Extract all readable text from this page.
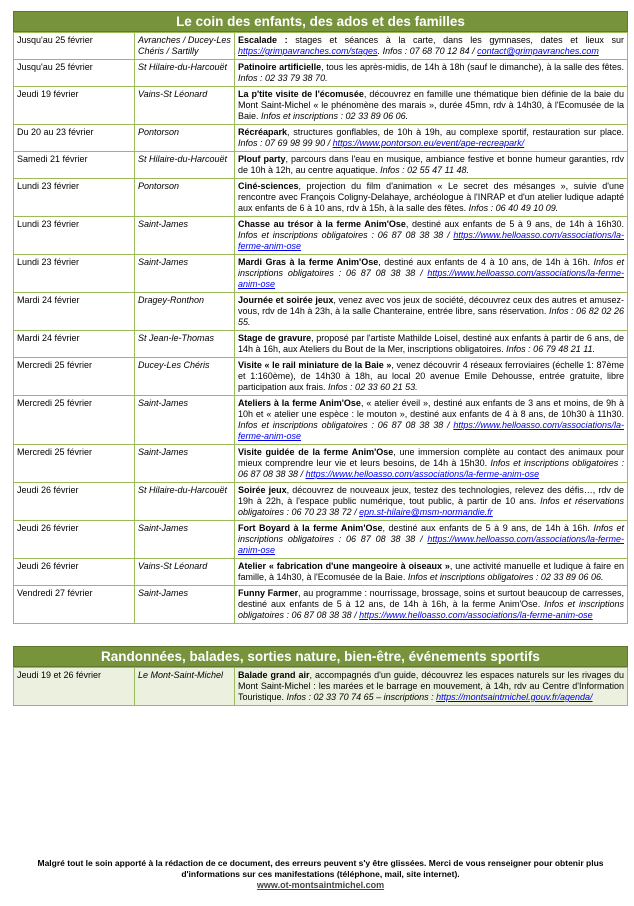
Le coin des enfants, des ados et des familles
Jusqu'au 25 février	Avranches / Ducey-Les Chéris / Sartilly	Escalade : stages et séances à la carte, dans les gymnases, dates et lieux sur https://grimpavranches.com/stages. Infos : 07 68 70 12 84 / contact@grimpavranches.com
Jusqu'au 25 février	St Hilaire-du-Harcouët	Patinoire artificielle, tous les après-midis, de 14h à 18h (sauf le dimanche), à la salle des fêtes. Infos : 02 33 79 38 70.
Jeudi 19 février	Vains-St Léonard	La p'tite visite de l'écomusée, découvrez en famille une thématique bien définie de la baie du Mont Saint-Michel « le phénomène des marais », durée 45mn, rdv à 14h30, à l'Ecomusée de la Baie. Infos et inscriptions : 02 33 89 06 06.
Du 20 au 23 février	Pontorson	Récréapark, structures gonflables, de 10h à 19h, au complexe sportif, restauration sur place. Infos : 07 69 98 99 90 / https://www.pontorson.eu/event/ape-recreapark/
Samedi 21 février	St Hilaire-du-Harcouët	Plouf party, parcours dans l'eau en musique, ambiance festive et bonne humeur garanties, rdv de 10h à 12h, au centre aquatique. Infos : 02 55 47 11 48.
Lundi 23 février	Pontorson	Ciné-sciences, projection du film d'animation « Le secret des mésanges », suivie d'une rencontre avec François Coligny-Delahaye, archéologue à l'INRAP et d'un atelier ludique adapté aux enfants de 6 à 10 ans, rdv à 15h, à la salle des fêtes. Infos : 06 40 49 10 09.
Lundi 23 février	Saint-James	Chasse au trésor à la ferme Anim'Ose, destiné aux enfants de 5 à 9 ans, de 14h à 16h30. Infos et inscriptions obligatoires : 06 87 08 38 38 / https://www.helloasso.com/associations/la-ferme-anim-ose
Lundi 23 février	Saint-James	Mardi Gras à la ferme Anim'Ose, destiné aux enfants de 4 à 10 ans, de 14h à 16h. Infos et inscriptions obligatoires : 06 87 08 38 38 / https://www.helloasso.com/associations/la-ferme-anim-ose
Mardi 24 février	Dragey-Ronthon	Journée et soirée jeux, venez avec vos jeux de société, découvrez ceux des autres et amusez-vous, rdv de 14h à 23h, à la salle Chanteraine, entrée libre, sans réservation. Infos : 06 82 02 26 55.
Mardi 24 février	St Jean-le-Thomas	Stage de gravure, proposé par l'artiste Mathilde Loisel, destiné aux enfants à partir de 6 ans, de 14h à 16h, aux Ateliers du Bout de la Mer, inscriptions obligatoires. Infos : 06 79 48 21 11.
Mercredi 25 février	Ducey-Les Chéris	Visite « le rail miniature de la Baie », venez découvrir 4 réseaux ferroviaires (échelle 1: 87ème et 1:160ème), de 14h30 à 18h, au local 20 avenue Emile Dehousse, entrée gratuite, libre participation aux frais. Infos : 02 33 60 21 53.
Mercredi 25 février	Saint-James	Ateliers à la ferme Anim'Ose, « atelier éveil », destiné aux enfants de 3 ans et moins, de 9h à 10h et « atelier une espèce : le mouton », destiné aux enfants de 4 à 8 ans, de 10h30 à 11h30. Infos et inscriptions obligatoires : 06 87 08 38 38 / https://www.helloasso.com/associations/la-ferme-anim-ose
Mercredi 25 février	Saint-James	Visite guidée de la ferme Anim'Ose, une immersion complète au contact des animaux pour mieux comprendre leur vie et leurs besoins, de 14h à 15h30. Infos et inscriptions obligatoires : 06 87 08 38 38 / https://www.helloasso.com/associations/la-ferme-anim-ose
Jeudi 26 février	St Hilaire-du-Harcouët	Soirée jeux, découvrez de nouveaux jeux, testez des technologies, relevez des défis…, rdv de 19h à 22h, à l'espace public numérique, tout public, à partir de 10 ans. Infos et réservations obligatoires : 06 70 23 38 72 / epn.st-hilaire@msm-normandie.fr
Jeudi 26 février	Saint-James	Fort Boyard à la ferme Anim'Ose, destiné aux enfants de 5 à 9 ans, de 14h à 16h. Infos et inscriptions obligatoires : 06 87 08 38 38 / https://www.helloasso.com/associations/la-ferme-anim-ose
Jeudi 26 février	Vains-St Léonard	Atelier « fabrication d'une mangeoire à oiseaux », une activité manuelle et ludique à faire en famille, à 14h30, à l'Ecomusée de la Baie. Infos et inscriptions obligatoires : 02 33 89 06 06.
Vendredi 27 février	Saint-James	Funny Farmer, au programme : nourrissage, brossage, soins et surtout beaucoup de carresses, destiné aux enfants de 5 à 12 ans, de 14h à 16h, à la ferme Anim'Ose. Infos et inscriptions obligatoires : 06 87 08 38 38 / https://www.helloasso.com/associations/la-ferme-anim-ose
Randonnées, balades, sorties nature, bien-être, événements sportifs
Jeudi 19 et 26 février	Le Mont-Saint-Michel	Balade grand air, accompagnés d'un guide, découvrez les espaces naturels sur les rivages du Mont Saint-Michel : les marées et le barrage en mouvement, à 14h, rdv au Centre d'Information Touristique. Infos : 02 33 70 74 65 – inscriptions : https://montsaintmichel.gouv.fr/agenda/
Malgré tout le soin apporté à la rédaction de ce document, des erreurs peuvent s'y être glissées. Merci de vous renseigner pour obtenir plus d'informations sur ces manifestations (téléphone, mail, site internet).
www.ot-montsaintmichel.com
